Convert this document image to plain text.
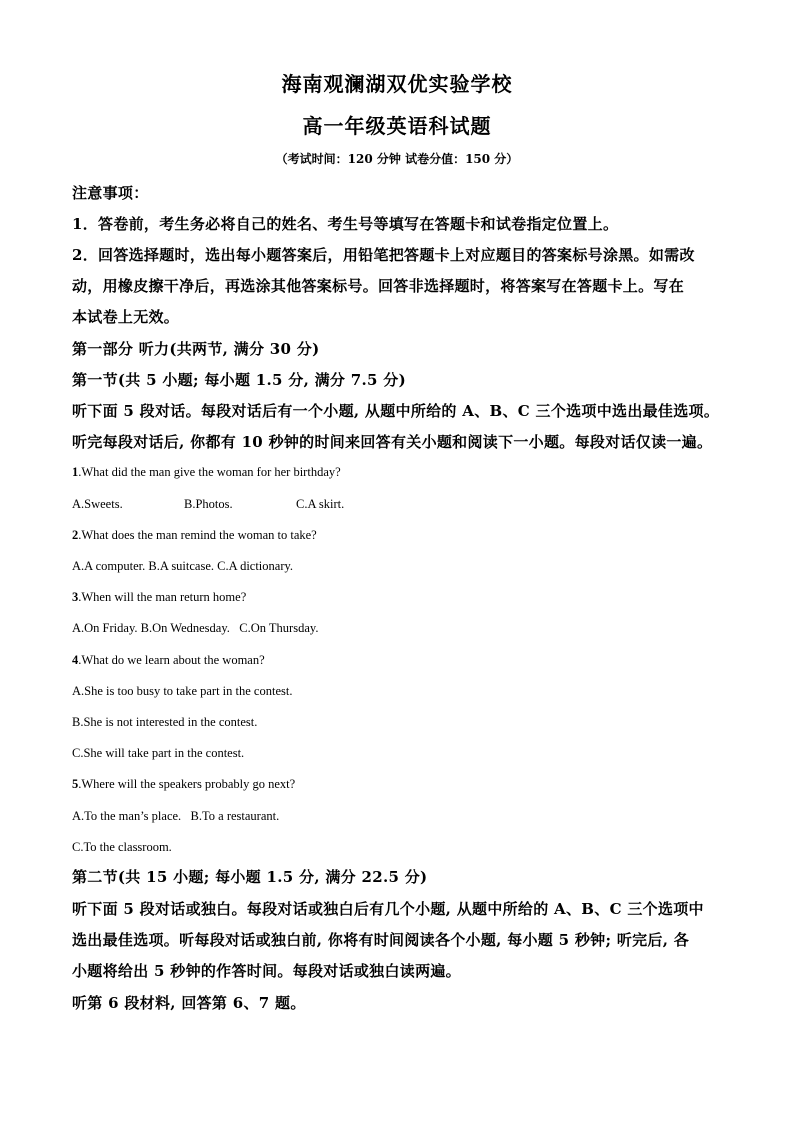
海南观澜湖双优实验学校
高一年级英语科试题
（考试时间：120 分钟 试卷分值：150 分）
注意事项：
1．答卷前，考生务必将自己的姓名、考生号等填写在答题卡和试卷指定位置上。
2．回答选择题时，选出每小题答案后，用铅笔把答题卡上对应题目的答案标号涂黑。如需改
动，用橡皮擦干净后，再选涂其他答案标号。回答非选择题时，将答案写在答题卡上。写在
本试卷上无效。
第一部分 听力(共两节, 满分 30 分)
第一节(共 5 小题; 每小题 1.5 分, 满分 7.5 分)
听下面 5 段对话。每段对话后有一个小题, 从题中所给的 A、B、C 三个选项中选出最佳选项。
听完每段对话后, 你都有 10 秒钟的时间来回答有关小题和阅读下一小题。每段对话仅读一遍。
1.What did the man give the woman for her birthday?
A.Sweets.	B.Photos.	C.A skirt.
2.What does the man remind the woman to take?
A.A computer. B.A suitcase. C.A dictionary.
3.When will the man return home?
A.On Friday. B.On Wednesday. C.On Thursday.
4.What do we learn about the woman?
A.She is too busy to take part in the contest.
B.She is not interested in the contest.
C.She will take part in the contest.
5.Where will the speakers probably go next?
A.To the man’s place. B.To a restaurant.
C.To the classroom.
第二节(共 15 小题; 每小题 1.5 分, 满分 22.5 分)
听下面 5 段对话或独白。每段对话或独白后有几个小题, 从题中所给的 A、B、C 三个选项中
选出最佳选项。听每段对话或独白前, 你将有时间阅读各个小题, 每小题 5 秒钟; 听完后, 各
小题将给出 5 秒钟的作答时间。每段对话或独白读两遍。
听第 6 段材料, 回答第 6、7 题。
